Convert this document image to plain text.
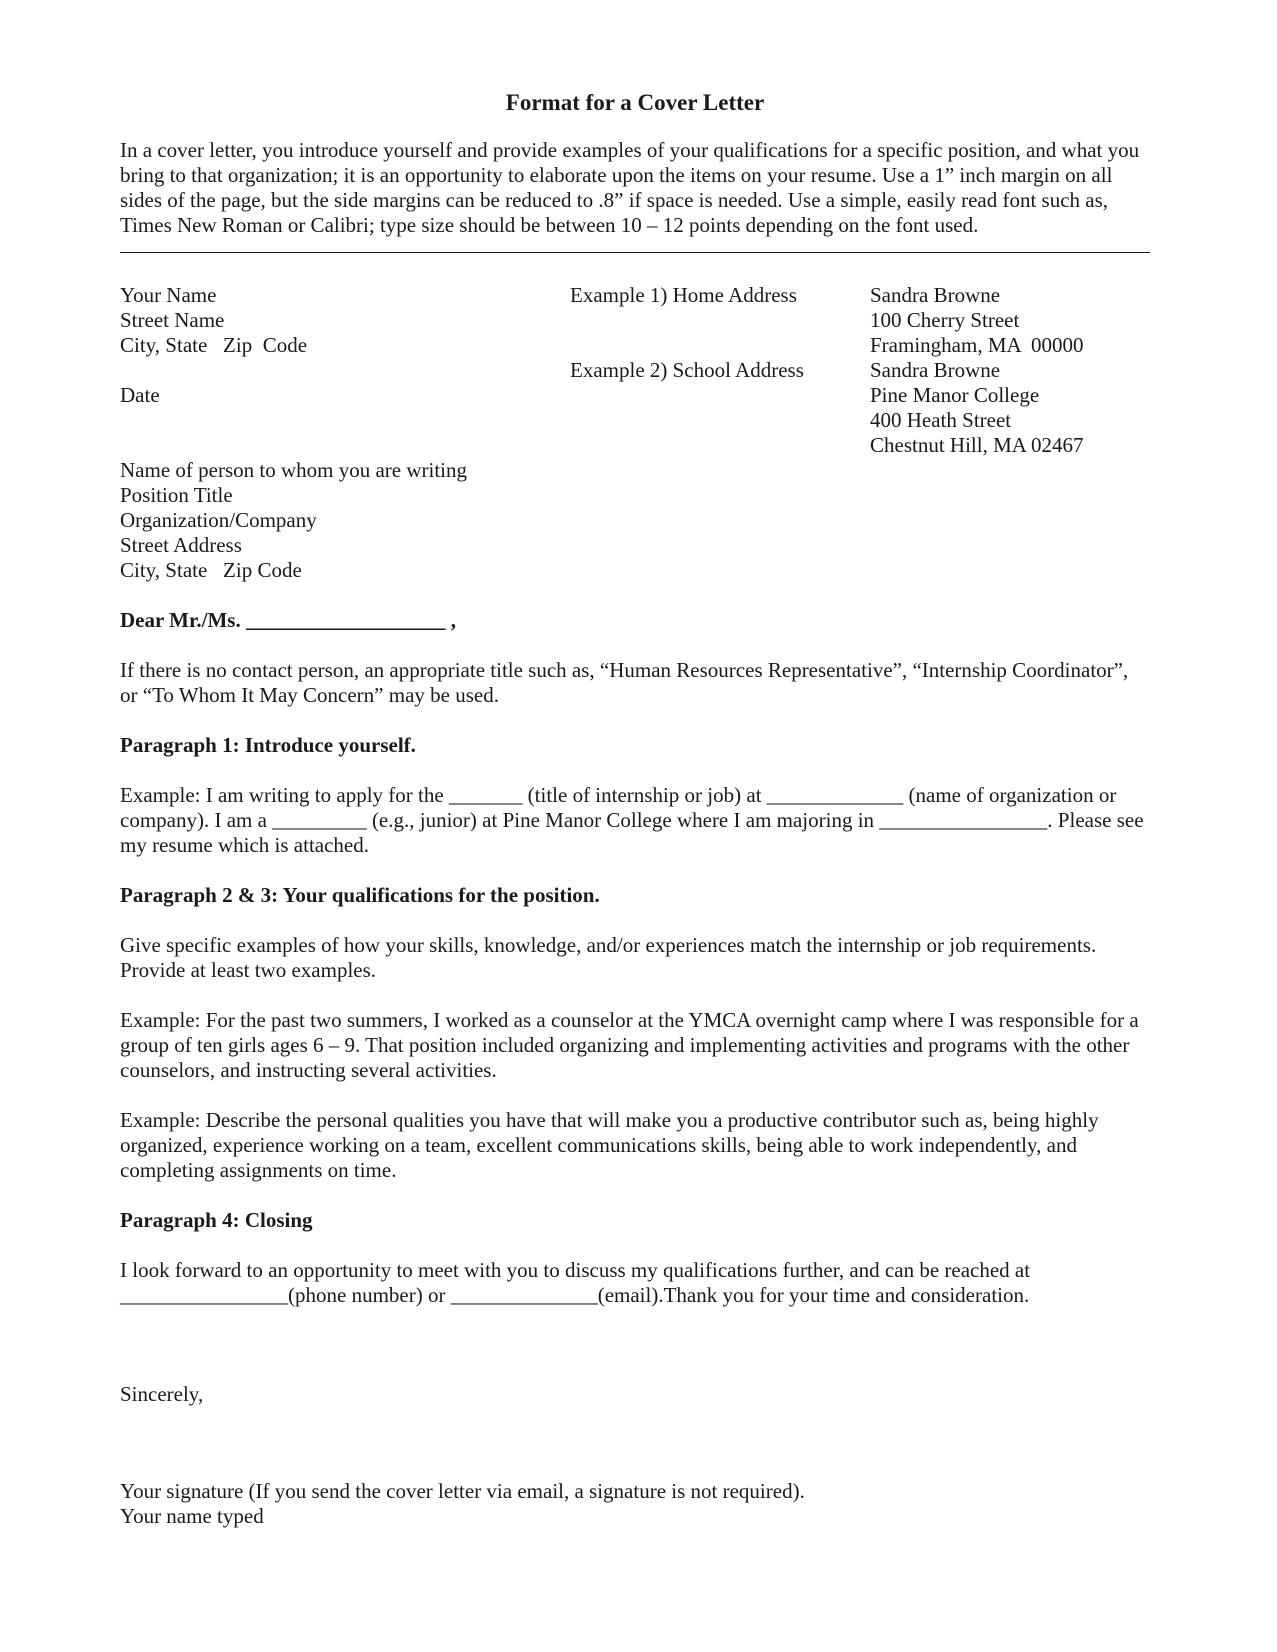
Format for a Cover Letter

In a cover letter, you introduce yourself and provide examples of your qualifications for a specific position, and what you bring to that organization; it is an opportunity to elaborate upon the items on your resume. Use a 1” inch margin on all sides of the page, but the side margins can be reduced to .8” if space is needed. Use a simple, easily read font such as, Times New Roman or Calibri; type size should be between 10 – 12 points depending on the font used.

Your Name
Street Name
City, State   Zip  Code
Date
Example 1) Home Address
Example 2) School Address
Sandra Browne
100 Cherry Street
Framingham, MA  00000
Sandra Browne
Pine Manor College
400 Heath Street
Chestnut Hill, MA 02467
Name of person to whom you are writing
Position Title
Organization/Company
Street Address
City, State   Zip Code

Dear Mr./Ms. ___________________ ,

If there is no contact person, an appropriate title such as, “Human Resources Representative”, “Internship Coordinator”, or “To Whom It May Concern” may be used.

Paragraph 1: Introduce yourself.

Example: I am writing to apply for the _______ (title of internship or job) at _____________ (name of organization or company). I am a _________ (e.g., junior) at Pine Manor College where I am majoring in ________________. Please see my resume which is attached.

Paragraph 2 & 3: Your qualifications for the position.

Give specific examples of how your skills, knowledge, and/or experiences match the internship or job requirements. Provide at least two examples.

Example: For the past two summers, I worked as a counselor at the YMCA overnight camp where I was responsible for a group of ten girls ages 6 – 9. That position included organizing and implementing activities and programs with the other counselors, and instructing several activities.

Example: Describe the personal qualities you have that will make you a productive contributor such as, being highly organized, experience working on a team, excellent communications skills, being able to work independently, and completing assignments on time.

Paragraph 4: Closing

I look forward to an opportunity to meet with you to discuss my qualifications further, and can be reached at ________________(phone number) or ______________(email).Thank you for your time and consideration.

Sincerely,

Your signature (If you send the cover letter via email, a signature is not required).

Your name typed
